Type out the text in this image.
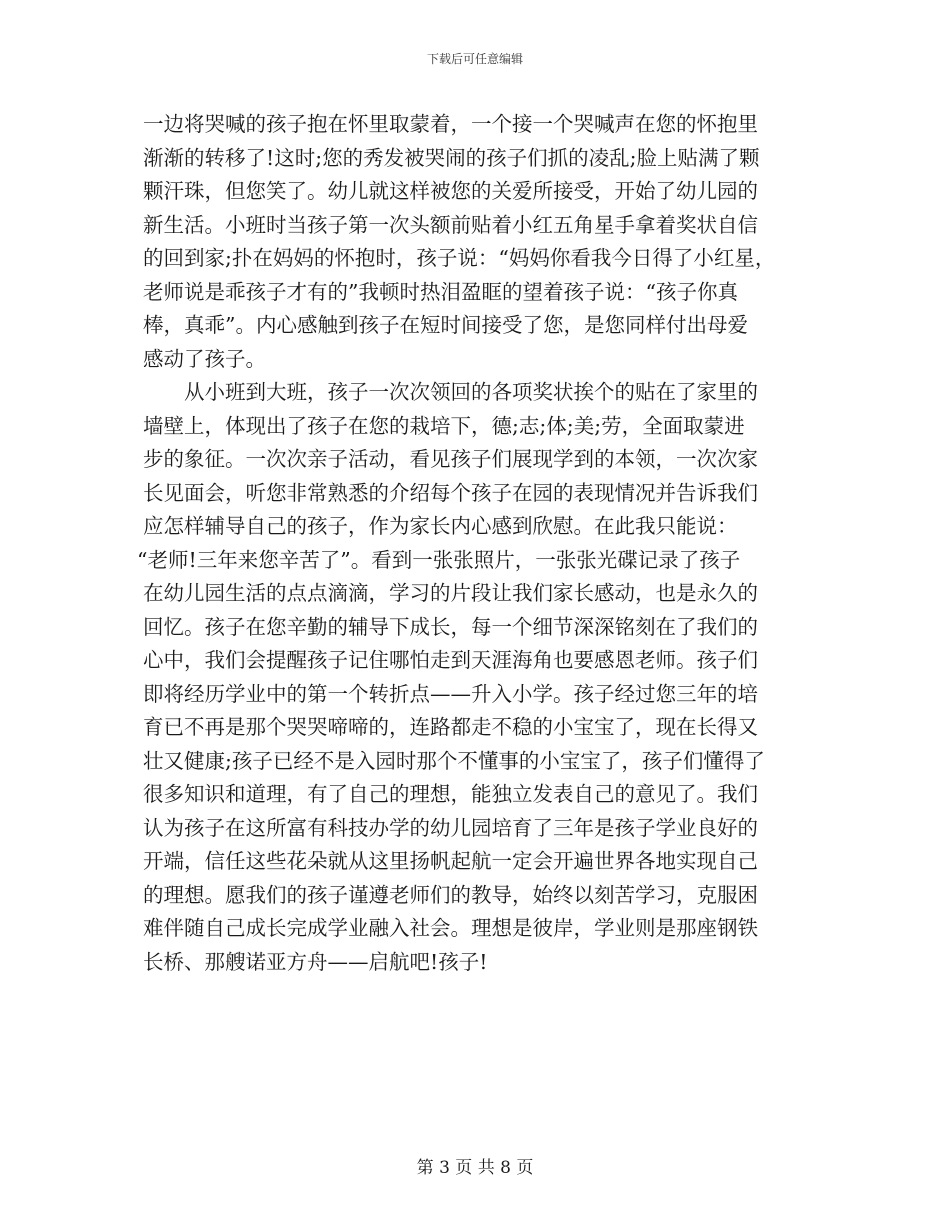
下载后可任意编辑
一边将哭喊的孩子抱在怀里取蒙着，一个接一个哭喊声在您的怀抱里
渐渐的转移了!这时;您的秀发被哭闹的孩子们抓的凌乱;脸上贴满了颗
颗汗珠，但您笑了。幼儿就这样被您的关爱所接受，开始了幼儿园的
新生活。小班时当孩子第一次头额前贴着小红五角星手拿着奖状自信
的回到家;扑在妈妈的怀抱时，孩子说：“妈妈你看我今日得了小红星，
老师说是乖孩子才有的”我顿时热泪盈眶的望着孩子说：“孩子你真
棒，真乖”。内心感触到孩子在短时间接受了您，是您同样付出母爱
感动了孩子。
从小班到大班，孩子一次次领回的各项奖状挨个的贴在了家里的
墙壁上，体现出了孩子在您的栽培下，德;志;体;美;劳，全面取蒙进
步的象征。一次次亲子活动，看见孩子们展现学到的本领，一次次家
长见面会，听您非常熟悉的介绍每个孩子在园的表现情况并告诉我们
应怎样辅导自己的孩子，作为家长内心感到欣慰。在此我只能说：
“老师!三年来您辛苦了”。看到一张张照片，一张张光碟记录了孩子
在幼儿园生活的点点滴滴，学习的片段让我们家长感动，也是永久的
回忆。孩子在您辛勤的辅导下成长，每一个细节深深铭刻在了我们的
心中，我们会提醒孩子记住哪怕走到天涯海角也要感恩老师。孩子们
即将经历学业中的第一个转折点——升入小学。孩子经过您三年的培
育已不再是那个哭哭啼啼的，连路都走不稳的小宝宝了，现在长得又
壮又健康;孩子已经不是入园时那个不懂事的小宝宝了，孩子们懂得了
很多知识和道理，有了自己的理想，能独立发表自己的意见了。我们
认为孩子在这所富有科技办学的幼儿园培育了三年是孩子学业良好的
开端，信任这些花朵就从这里扬帆起航一定会开遍世界各地实现自己
的理想。愿我们的孩子谨遵老师们的教导，始终以刻苦学习，克服困
难伴随自己成长完成学业融入社会。理想是彼岸，学业则是那座钢铁
长桥、那艘诺亚方舟——启航吧!孩子!
第 3 页 共 8 页
